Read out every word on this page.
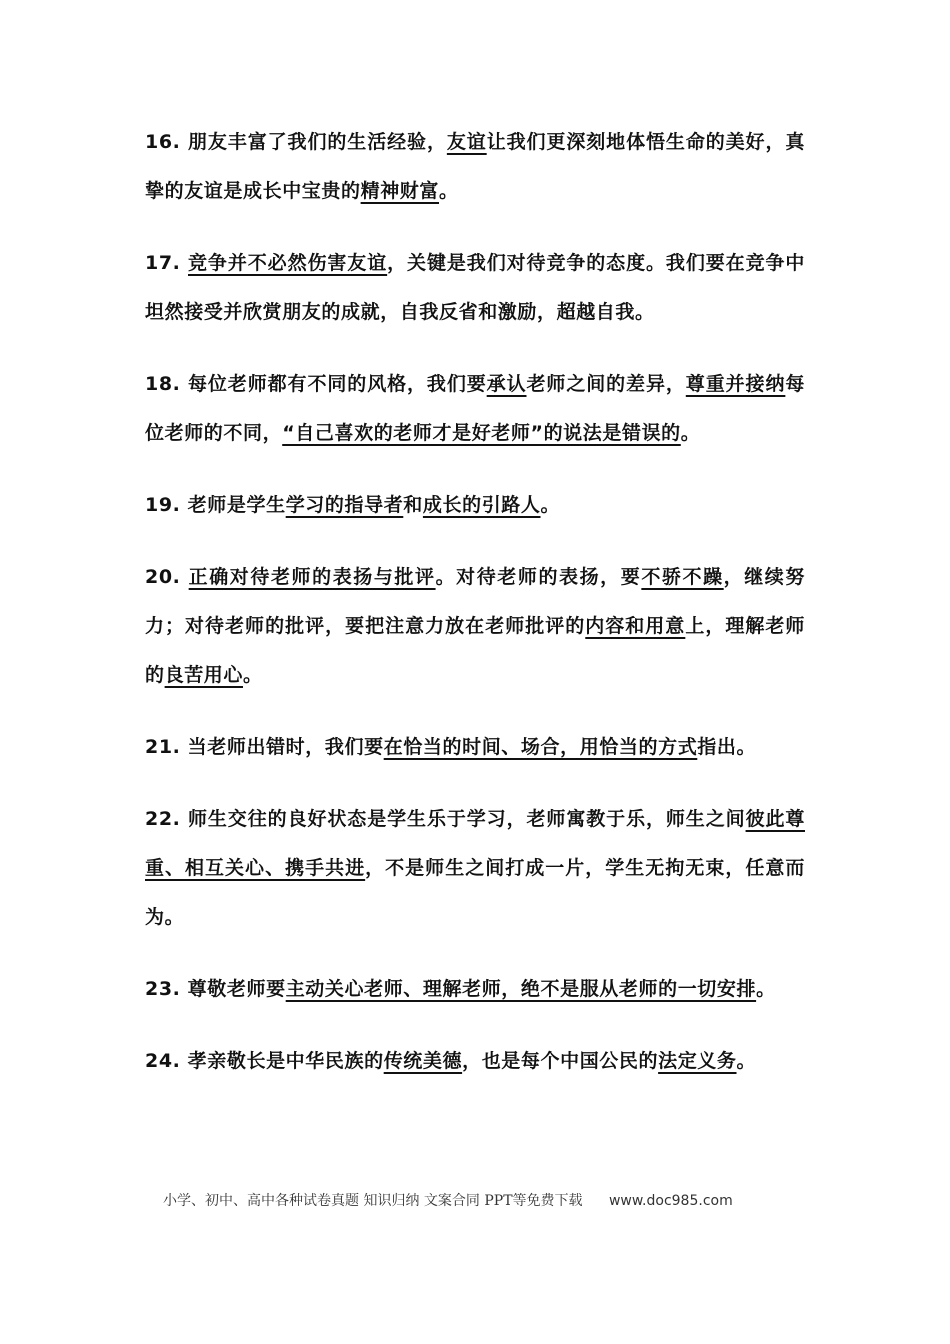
16. 朋友丰富了我们的生活经验，友谊让我们更深刻地体悟生命的美好，真挚的友谊是成长中宝贵的精神财富。

17. 竞争并不必然伤害友谊，关键是我们对待竞争的态度。我们要在竞争中坦然接受并欣赏朋友的成就，自我反省和激励，超越自我。

18. 每位老师都有不同的风格，我们要承认老师之间的差异，尊重并接纳每位老师的不同，“自己喜欢的老师才是好老师”的说法是错误的。

19. 老师是学生学习的指导者和成长的引路人。

20. 正确对待老师的表扬与批评。对待老师的表扬，要不骄不躁，继续努力；对待老师的批评，要把注意力放在老师批评的内容和用意上，理解老师的良苦用心。

21. 当老师出错时，我们要在恰当的时间、场合，用恰当的方式指出。

22. 师生交往的良好状态是学生乐于学习，老师寓教于乐，师生之间彼此尊重、相互关心、携手共进，不是师生之间打成一片，学生无拘无束，任意而为。

23. 尊敬老师要主动关心老师、理解老师，绝不是服从老师的一切安排。

24. 孝亲敬长是中华民族的传统美德，也是每个中国公民的法定义务。

小学、初中、高中各种试卷真题 知识归纳 文案合同 PPT等免费下载 www.doc985.com
